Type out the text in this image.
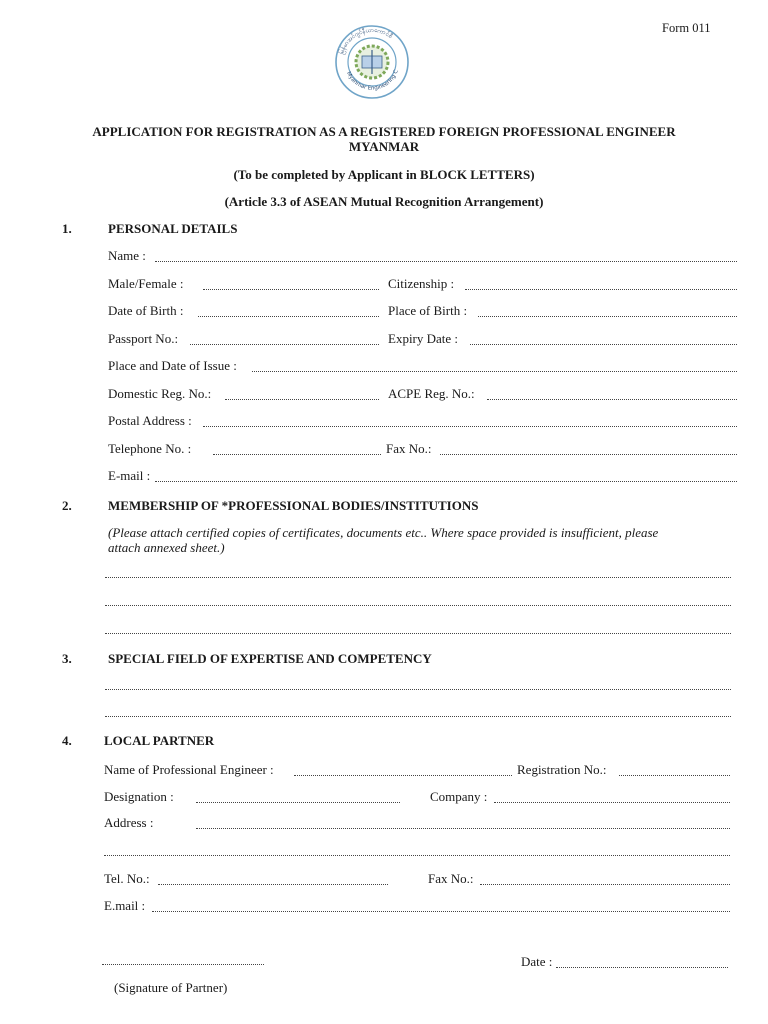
Form 011
မြန်မာအင်ဂျင်နီယာကောင်စီ
Myanmar Engineering C
APPLICATION FOR REGISTRATION AS A REGISTERED FOREIGN PROFESSIONAL ENGINEER
MYANMAR
(To be completed by Applicant in BLOCK LETTERS)
(Article 3.3 of ASEAN Mutual Recognition Arrangement)
1.	PERSONAL DETAILS
Name :
Male/Female :	Citizenship :
Date of Birth :	Place of Birth :
Passport No.:	Expiry Date :
Place and Date of Issue :
Domestic Reg. No.:	ACPE Reg. No.:
Postal Address :
Telephone No. :	Fax No.:
E-mail :
2.	MEMBERSHIP OF *PROFESSIONAL BODIES/INSTITUTIONS
(Please attach certified copies of certificates, documents etc.. Where space provided is insufficient, please
attach annexed sheet.)
3.	SPECIAL FIELD OF EXPERTISE AND COMPETENCY
4. LOCAL PARTNER
Name of Professional Engineer :	Registration No.:
Designation :	Company :
Address :
Tel. No.:	Fax No.:
E.mail :
Date :
(Signature of Partner)
